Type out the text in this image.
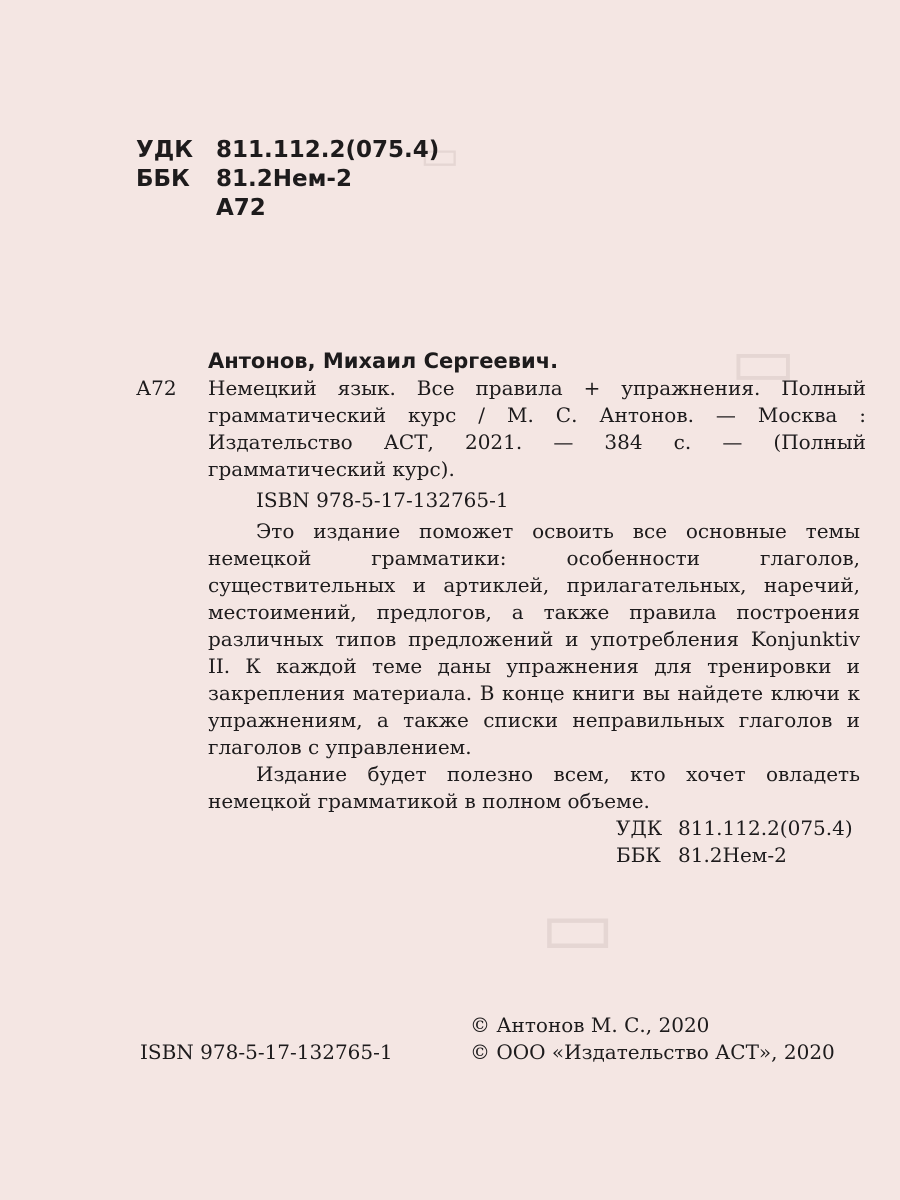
▭
▭
▭
УДК 811.112.2(075.4)
ББК	81.2Нем-2
А72
Антонов, Михаил Сергеевич.
А72	Немецкий язык. Все правила + упражнения. Полный грамматический курс / М. С. Антонов. — Москва : Издательство АСТ, 2021. — 384 с. — (Полный грамматический курс).
ISBN 978-5-17-132765-1

Это издание поможет освоить все основные темы немецкой грамматики: особенности глаголов, существительных и артиклей, прилагательных, наречий, местоимений, предлогов, а также правила построения различных типов предложений и употребления Konjunktiv II. К каждой теме даны упражнения для тренировки и закрепления материала. В конце книги вы найдете ключи к упражнениям, а также списки неправильных глаголов и глаголов с управлением.

Издание будет полезно всем, кто хочет овладеть немецкой грамматикой в полном объеме.

УДК 811.112.2(075.4)
ББК 81.2Нем-2
ISBN 978-5-17-132765-1
© Антонов М. С., 2020
© ООО «Издательство АСТ», 2020
